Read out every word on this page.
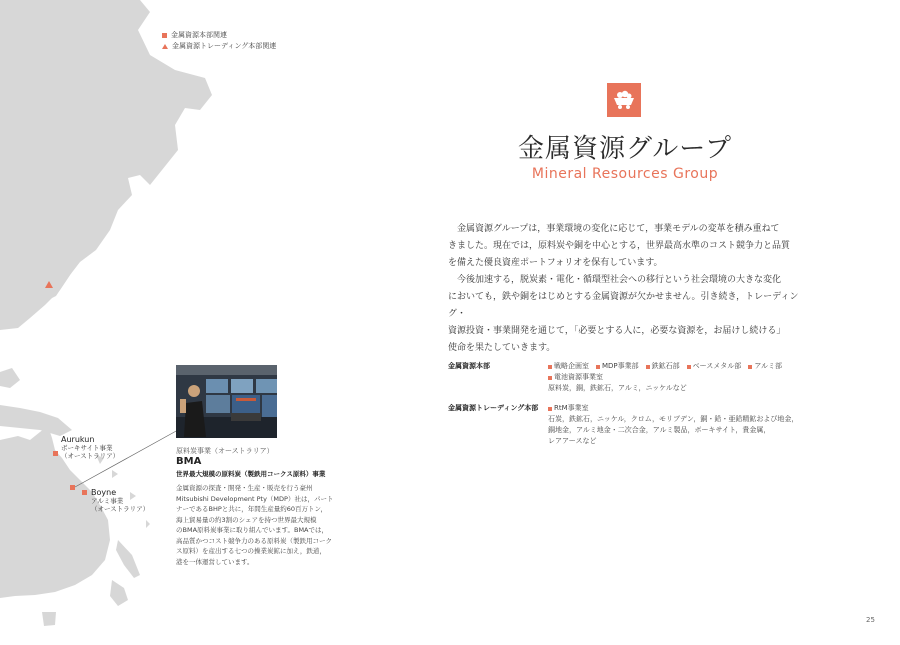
金属資源本部関連
金属資源トレーディング本部関連
Aurukun
ボーキサイト事業
（オーストラリア）
Boyne
アルミ事業
（オーストラリア）
原料炭事業（オーストラリア）
BMA
世界最大規模の原料炭（製鉄用コークス原料）事業
金属資源の探査・開発・生産・販売を行う豪州
Mitsubishi Development Pty（MDP）社は，パート
ナーであるBHPと共に，年間生産量約60百万トン，
海上貿易量の約3割のシェアを持つ世界最大規模
のBMA原料炭事業に取り組んでいます。BMAでは，
高品質かつコスト競争力のある原料炭（製鉄用コーク
ス原料）を産出する七つの操業炭鉱に加え，鉄道，
港を一体運営しています。
金属資源グループ
Mineral Resources Group
金属資源グループは，事業環境の変化に応じて，事業モデルの変革を積み重ねて
きました。現在では，原料炭や銅を中心とする，世界最高水準のコスト競争力と品質
を備えた優良資産ポートフォリオを保有しています。
今後加速する，脱炭素・電化・循環型社会への移行という社会環境の大きな変化
においても，鉄や銅をはじめとする金属資源が欠かせません。引き続き，トレーディング・
資源投資・事業開発を通じて，「必要とする人に，必要な資源を，お届けし続ける」
使命を果たしていきます。
金属資源本部	戦略企画室 MDP事業部 鉄鉱石部 ベースメタル部 アルミ部
電池資源事業室
原料炭，銅，鉄鉱石，アルミ，ニッケルなど
金属資源トレーディング本部	RtM事業室
石炭，鉄鉱石，ニッケル，クロム，モリブデン，銅・鉛・亜鉛精鉱および地金，
銅地金，アルミ地金・二次合金，アルミ製品，ボーキサイト，貴金属，
レアアースなど
25
